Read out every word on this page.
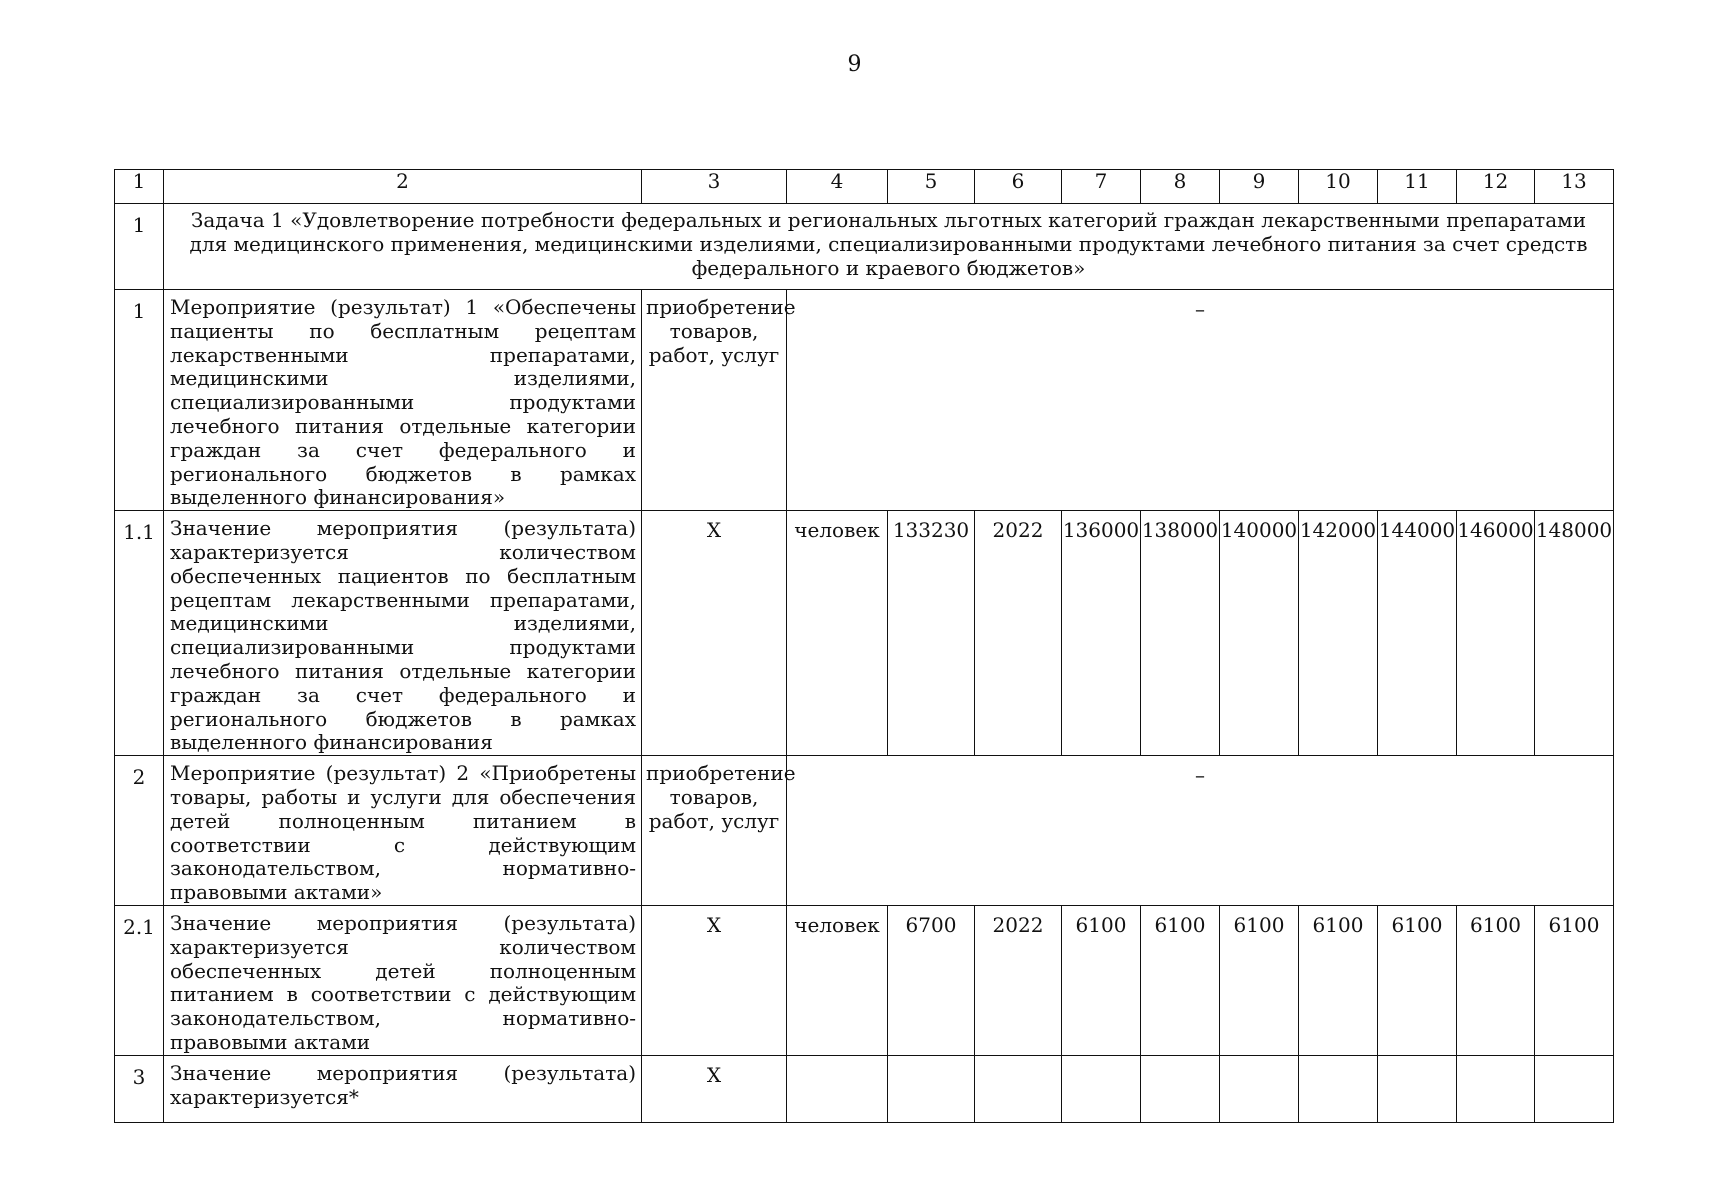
9
1	2	3	4	5	6	7	8	9	10	11	12	13
1	Задача 1 «Удовлетворение потребности федеральных и региональных льготных категорий граждан лекарственными препаратами для медицинского применения, медицинскими изделиями, специализированными продуктами лечебного питания за счет средств федерального и краевого бюджетов»											
1	Мероприятие (результат) 1 «Обеспечены пациенты по бесплатным рецептам лекарственными препаратами, медицинскими изделиями, специализированными продуктами лечебного питания отдельные категории граждан за счет федерального и регионального бюджетов в рамках выделенного финансирования»	приобретение товаров, работ, услуг	–									
1.1	Значение мероприятия (результата) характеризуется количеством обеспеченных пациентов по бесплатным рецептам лекарственными препаратами, медицинскими изделиями, специализированными продуктами лечебного питания отдельные категории граждан за счет федерального и регионального бюджетов в рамках выделенного финансирования	X	человек	133230	2022	136000	138000	140000	142000	144000	146000	148000
2	Мероприятие (результат) 2 «Приобретены товары, работы и услуги для обеспечения детей полноценным питанием в соответствии с действующим законодательством, нормативно-правовыми актами»	приобретение товаров, работ, услуг	–									
2.1	Значение мероприятия (результата) характеризуется количеством обеспеченных детей полноценным питанием в соответствии с действующим законодательством, нормативно-правовыми актами	X	человек	6700	2022	6100	6100	6100	6100	6100	6100	6100
3	Значение мероприятия (результата) характеризуется*	X										
